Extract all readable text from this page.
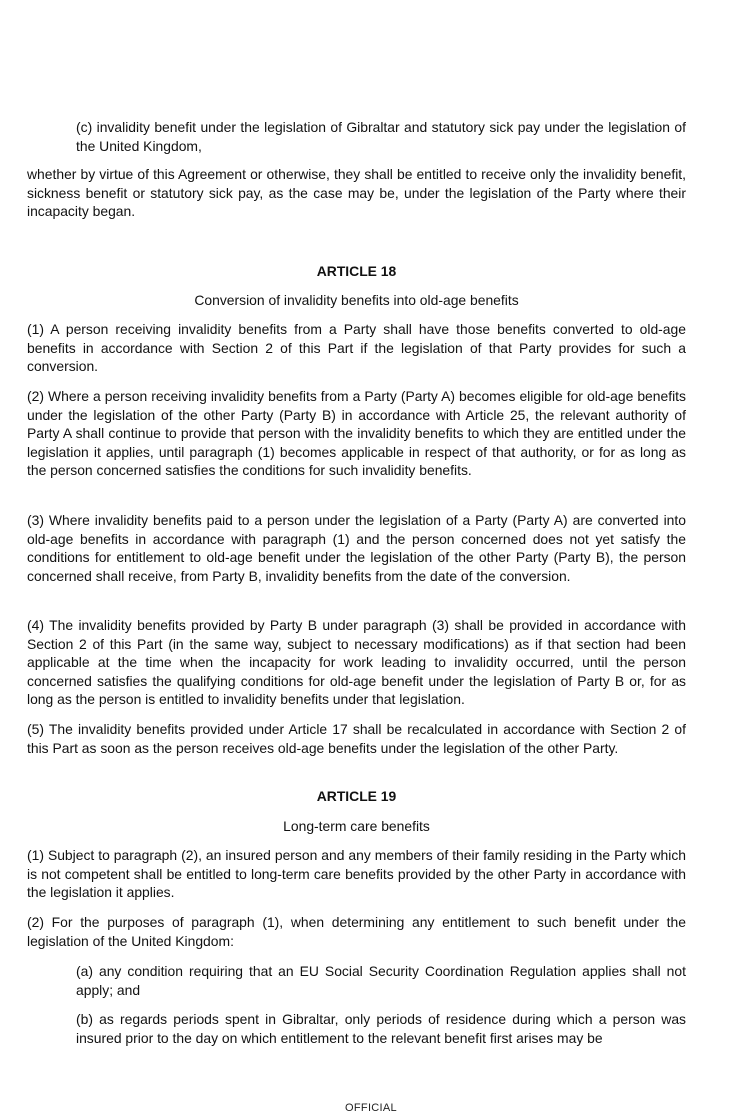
(c) invalidity benefit under the legislation of Gibraltar and statutory sick pay under the legislation of the United Kingdom,

whether by virtue of this Agreement or otherwise, they shall be entitled to receive only the invalidity benefit, sickness benefit or statutory sick pay, as the case may be, under the legislation of the Party where their incapacity began.

ARTICLE 18

Conversion of invalidity benefits into old-age benefits

(1) A person receiving invalidity benefits from a Party shall have those benefits converted to old-age benefits in accordance with Section 2 of this Part if the legislation of that Party provides for such a conversion.

(2) Where a person receiving invalidity benefits from a Party (Party A) becomes eligible for old-age benefits under the legislation of the other Party (Party B) in accordance with Article 25, the relevant authority of Party A shall continue to provide that person with the invalidity benefits to which they are entitled under the legislation it applies, until paragraph (1) becomes applicable in respect of that authority, or for as long as the person concerned satisfies the conditions for such invalidity benefits.

(3) Where invalidity benefits paid to a person under the legislation of a Party (Party A) are converted into old-age benefits in accordance with paragraph (1) and the person concerned does not yet satisfy the conditions for entitlement to old-age benefit under the legislation of the other Party (Party B), the person concerned shall receive, from Party B, invalidity benefits from the date of the conversion.

(4) The invalidity benefits provided by Party B under paragraph (3) shall be provided in accordance with Section 2 of this Part (in the same way, subject to necessary modifications) as if that section had been applicable at the time when the incapacity for work leading to invalidity occurred, until the person concerned satisfies the qualifying conditions for old-age benefit under the legislation of Party B or, for as long as the person is entitled to invalidity benefits under that legislation.

(5) The invalidity benefits provided under Article 17 shall be recalculated in accordance with Section 2 of this Part as soon as the person receives old-age benefits under the legislation of the other Party.

ARTICLE 19

Long-term care benefits

(1) Subject to paragraph (2), an insured person and any members of their family residing in the Party which is not competent shall be entitled to long-term care benefits provided by the other Party in accordance with the legislation it applies.

(2) For the purposes of paragraph (1), when determining any entitlement to such benefit under the legislation of the United Kingdom:

(a) any condition requiring that an EU Social Security Coordination Regulation applies shall not apply; and

(b) as regards periods spent in Gibraltar, only periods of residence during which a person was insured prior to the day on which entitlement to the relevant benefit first arises may be

OFFICIAL
